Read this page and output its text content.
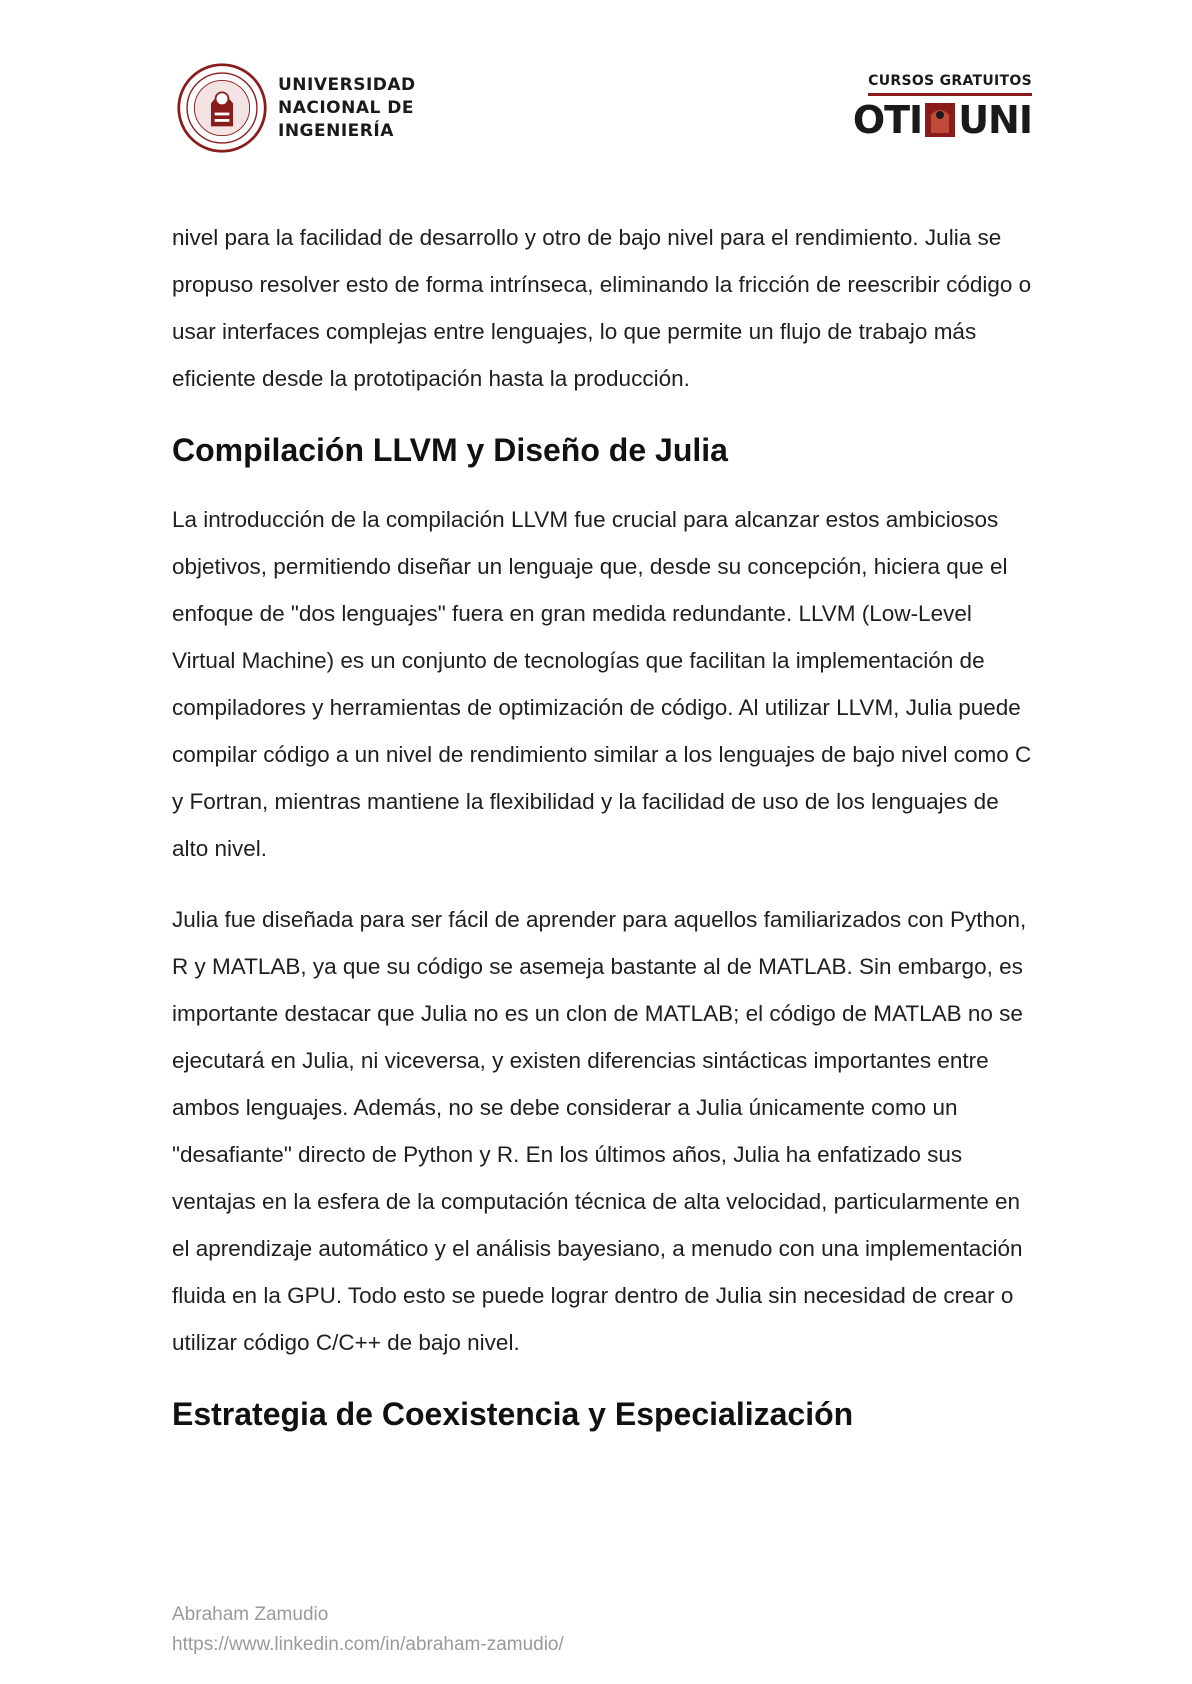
UNIVERSIDAD
NACIONAL DE
INGENIERÍA
CURSOS GRATUITOS
OTI UNI

nivel para la facilidad de desarrollo y otro de bajo nivel para el rendimiento. Julia se propuso resolver esto de forma intrínseca, eliminando la fricción de reescribir código o usar interfaces complejas entre lenguajes, lo que permite un flujo de trabajo más eficiente desde la prototipación hasta la producción.

Compilación LLVM y Diseño de Julia

La introducción de la compilación LLVM fue crucial para alcanzar estos ambiciosos objetivos, permitiendo diseñar un lenguaje que, desde su concepción, hiciera que el enfoque de "dos lenguajes" fuera en gran medida redundante. LLVM (Low-Level Virtual Machine) es un conjunto de tecnologías que facilitan la implementación de compiladores y herramientas de optimización de código. Al utilizar LLVM, Julia puede compilar código a un nivel de rendimiento similar a los lenguajes de bajo nivel como C y Fortran, mientras mantiene la flexibilidad y la facilidad de uso de los lenguajes de alto nivel.

Julia fue diseñada para ser fácil de aprender para aquellos familiarizados con Python, R y MATLAB, ya que su código se asemeja bastante al de MATLAB. Sin embargo, es importante destacar que Julia no es un clon de MATLAB; el código de MATLAB no se ejecutará en Julia, ni viceversa, y existen diferencias sintácticas importantes entre ambos lenguajes. Además, no se debe considerar a Julia únicamente como un "desafiante" directo de Python y R. En los últimos años, Julia ha enfatizado sus ventajas en la esfera de la computación técnica de alta velocidad, particularmente en el aprendizaje automático y el análisis bayesiano, a menudo con una implementación fluida en la GPU. Todo esto se puede lograr dentro de Julia sin necesidad de crear o utilizar código C/C++ de bajo nivel.

Estrategia de Coexistencia y Especialización
Abraham Zamudio
https://www.linkedin.com/in/abraham-zamudio/
